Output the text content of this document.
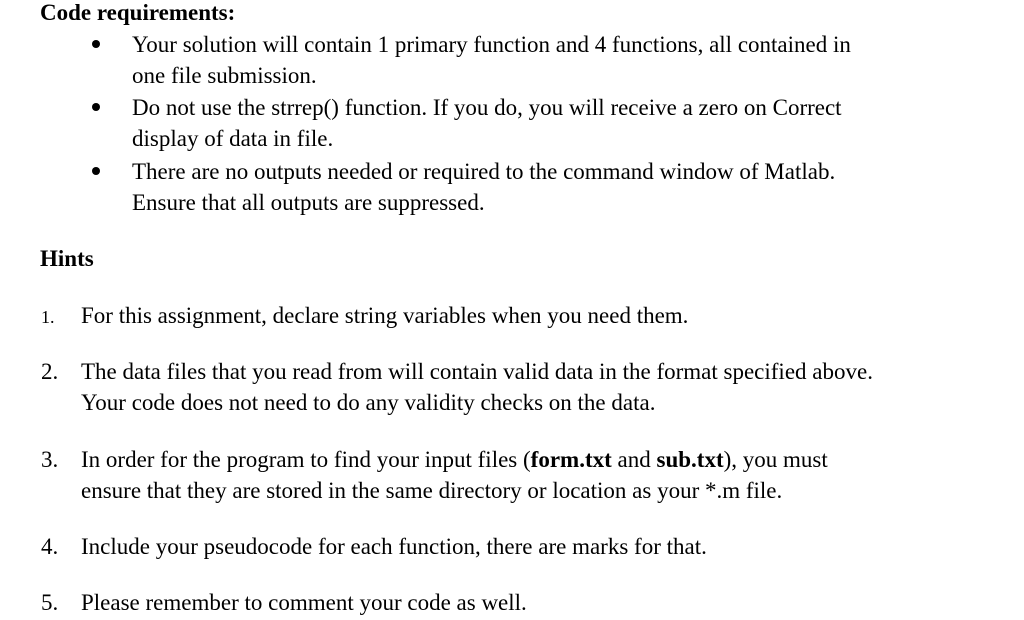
Code requirements:
Your solution will contain 1 primary function and 4 functions, all contained in
one file submission.
Do not use the strrep() function. If you do, you will receive a zero on Correct
display of data in file.
There are no outputs needed or required to the command window of Matlab.
Ensure that all outputs are suppressed.
Hints
1. For this assignment, declare string variables when you need them.
2. The data files that you read from will contain valid data in the format specified above.
Your code does not need to do any validity checks on the data.
3. In order for the program to find your input files (form.txt and sub.txt), you must
ensure that they are stored in the same directory or location as your *.m file.
4. Include your pseudocode for each function, there are marks for that.
5. Please remember to comment your code as well.
